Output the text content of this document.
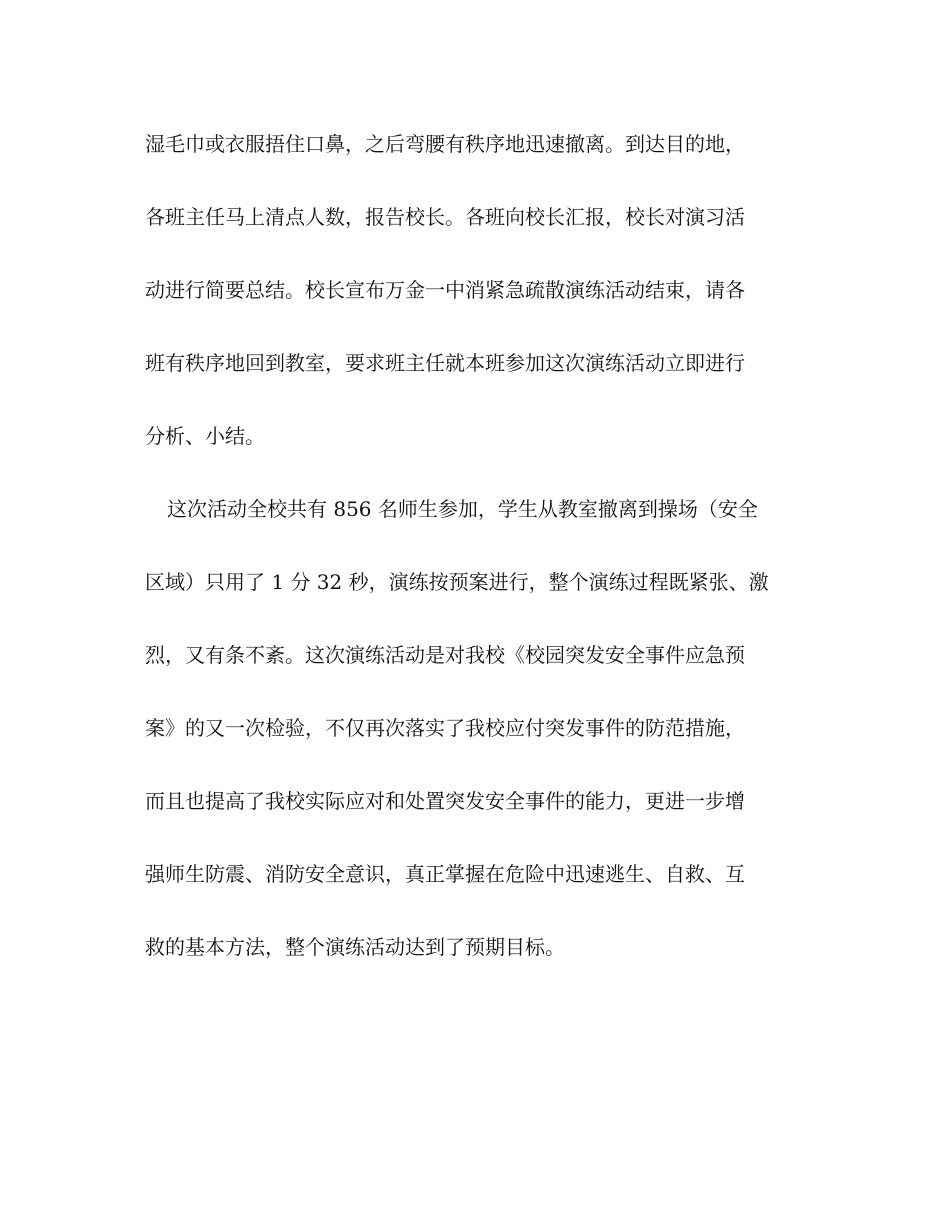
湿毛巾或衣服捂住口鼻，之后弯腰有秩序地迅速撤离。到达目的地，
各班主任马上清点人数，报告校长。各班向校长汇报，校长对演习活
动进行简要总结。校长宣布万金一中消紧急疏散演练活动结束，请各
班有秩序地回到教室，要求班主任就本班参加这次演练活动立即进行
分析、小结。
这次活动全校共有 856 名师生参加，学生从教室撤离到操场（安全
区域）只用了 1 分 32 秒，演练按预案进行，整个演练过程既紧张、激
烈，又有条不紊。这次演练活动是对我校《校园突发安全事件应急预
案》的又一次检验，不仅再次落实了我校应付突发事件的防范措施，
而且也提高了我校实际应对和处置突发安全事件的能力，更进一步增
强师生防震、消防安全意识，真正掌握在危险中迅速逃生、自救、互
救的基本方法，整个演练活动达到了预期目标。
